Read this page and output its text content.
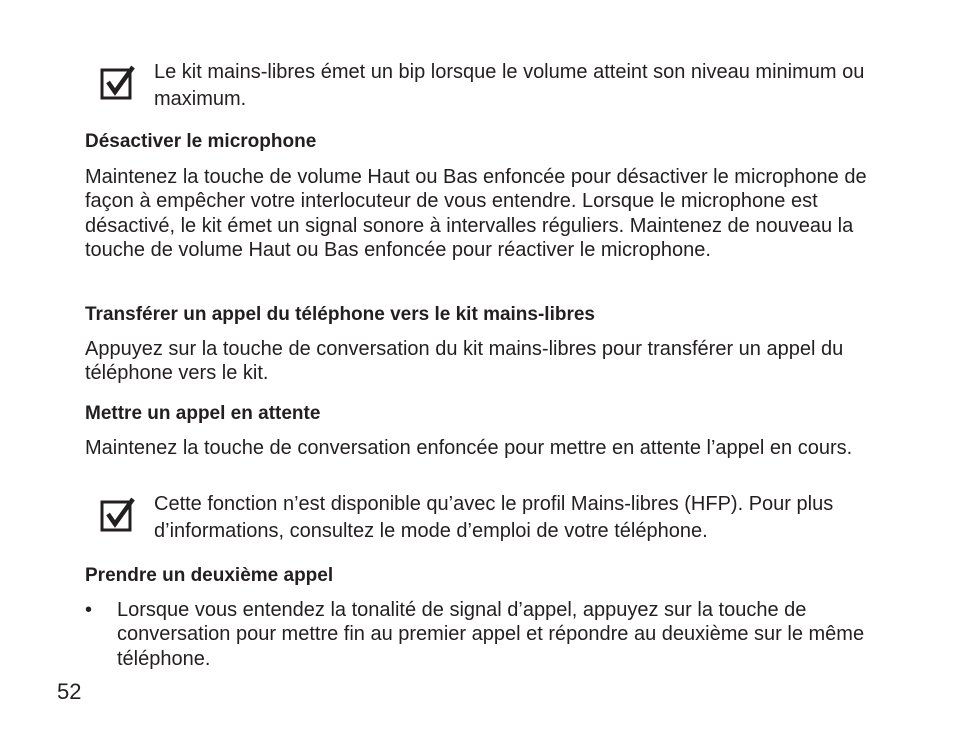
Le kit mains-libres émet un bip lorsque le volume atteint son niveau minimum ou maximum.

Désactiver le microphone

Maintenez la touche de volume Haut ou Bas enfoncée pour désactiver le microphone de façon à empêcher votre interlocuteur de vous entendre. Lorsque le microphone est désactivé, le kit émet un signal sonore à intervalles réguliers. Maintenez de nouveau la touche de volume Haut ou Bas enfoncée pour réactiver le microphone.

Transférer un appel du téléphone vers le kit mains-libres

Appuyez sur la touche de conversation du kit mains-libres pour transférer un appel du téléphone vers le kit.

Mettre un appel en attente

Maintenez la touche de conversation enfoncée pour mettre en attente l’appel en cours.

Cette fonction n’est disponible qu’avec le profil Mains-libres (HFP). Pour plus d’informations, consultez le mode d’emploi de votre téléphone.

Prendre un deuxième appel
• Lorsque vous entendez la tonalité de signal d’appel, appuyez sur la touche de conversation pour mettre fin au premier appel et répondre au deuxième sur le même téléphone.

52
